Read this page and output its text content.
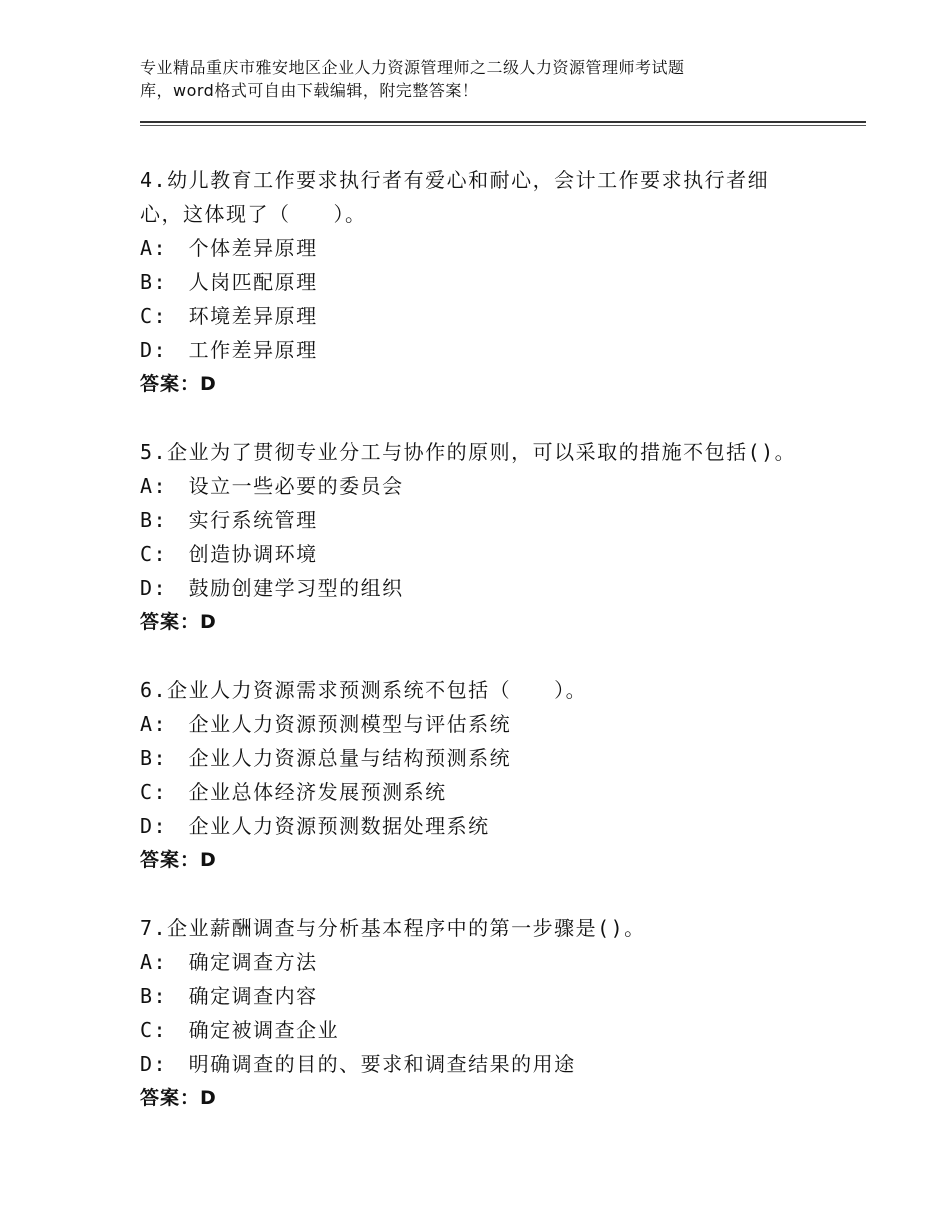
专业精品重庆市雅安地区企业人力资源管理师之二级人力资源管理师考试题
库，word格式可自由下载编辑，附完整答案！
4.幼儿教育工作要求执行者有爱心和耐心，会计工作要求执行者细
心，这体现了（　　）。
A:　个体差异原理
B:　人岗匹配原理
C:　环境差异原理
D:　工作差异原理
答案：D
5.企业为了贯彻专业分工与协作的原则，可以采取的措施不包括()。
A:　设立一些必要的委员会
B:　实行系统管理
C:　创造协调环境
D:　鼓励创建学习型的组织
答案：D
6.企业人力资源需求预测系统不包括（　　）。
A:　企业人力资源预测模型与评估系统
B:　企业人力资源总量与结构预测系统
C:　企业总体经济发展预测系统
D:　企业人力资源预测数据处理系统
答案：D
7.企业薪酬调查与分析基本程序中的第一步骤是()。
A:　确定调查方法
B:　确定调查内容
C:　确定被调查企业
D:　明确调查的目的、要求和调查结果的用途
答案：D
